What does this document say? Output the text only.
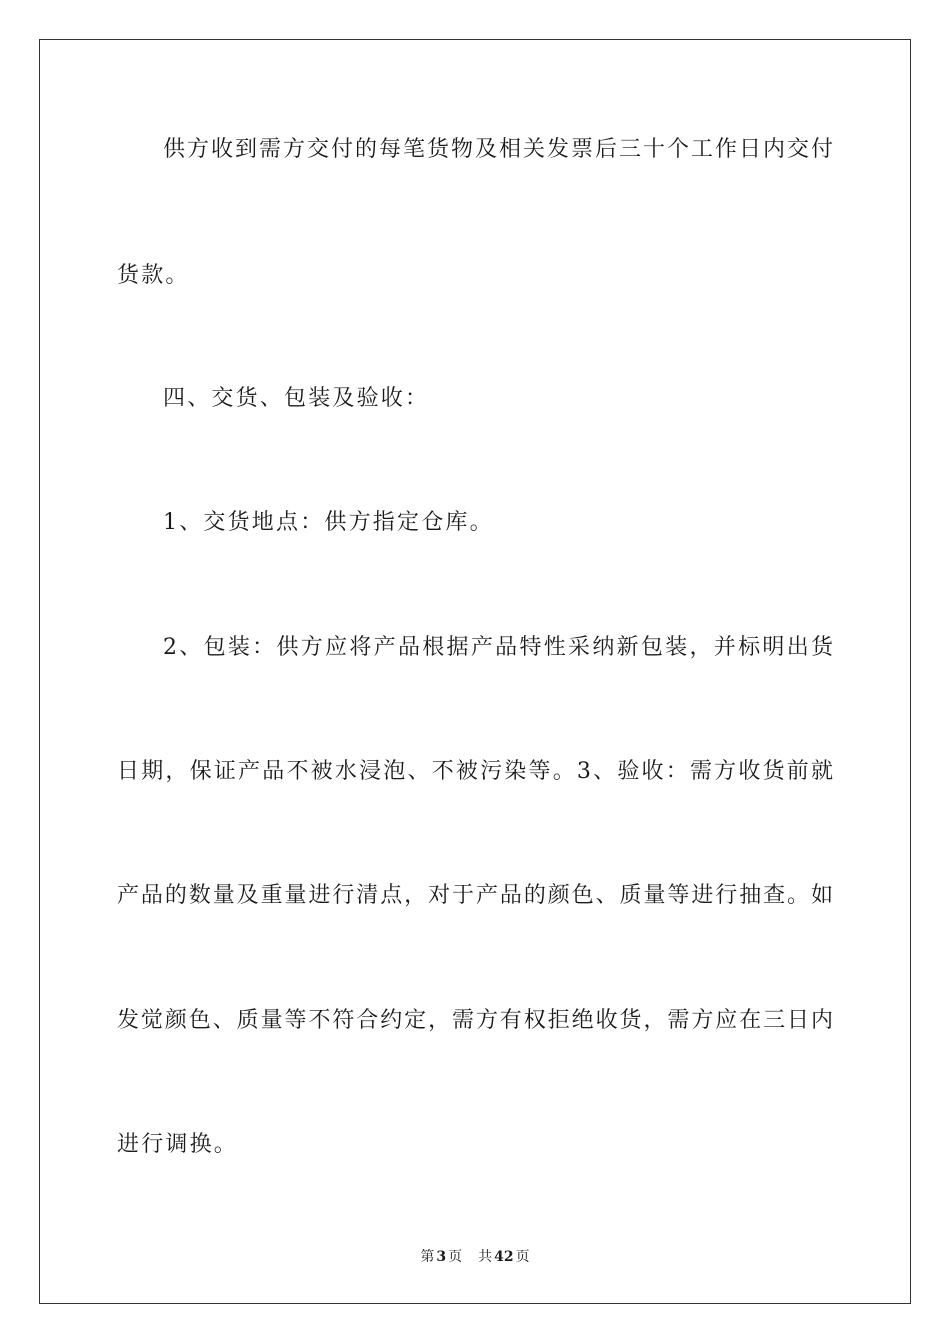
供方收到需方交付的每笔货物及相关发票后三十个工作日内交付
货款。
四、交货、包装及验收：
1、交货地点：供方指定仓库。
2、包装：供方应将产品根据产品特性采纳新包装，并标明出货
日期，保证产品不被水浸泡、不被污染等。3、验收：需方收货前就
产品的数量及重量进行清点，对于产品的颜色、质量等进行抽查。如
发觉颜色、质量等不符合约定，需方有权拒绝收货，需方应在三日内
进行调换。
第 3 页 共 42 页
